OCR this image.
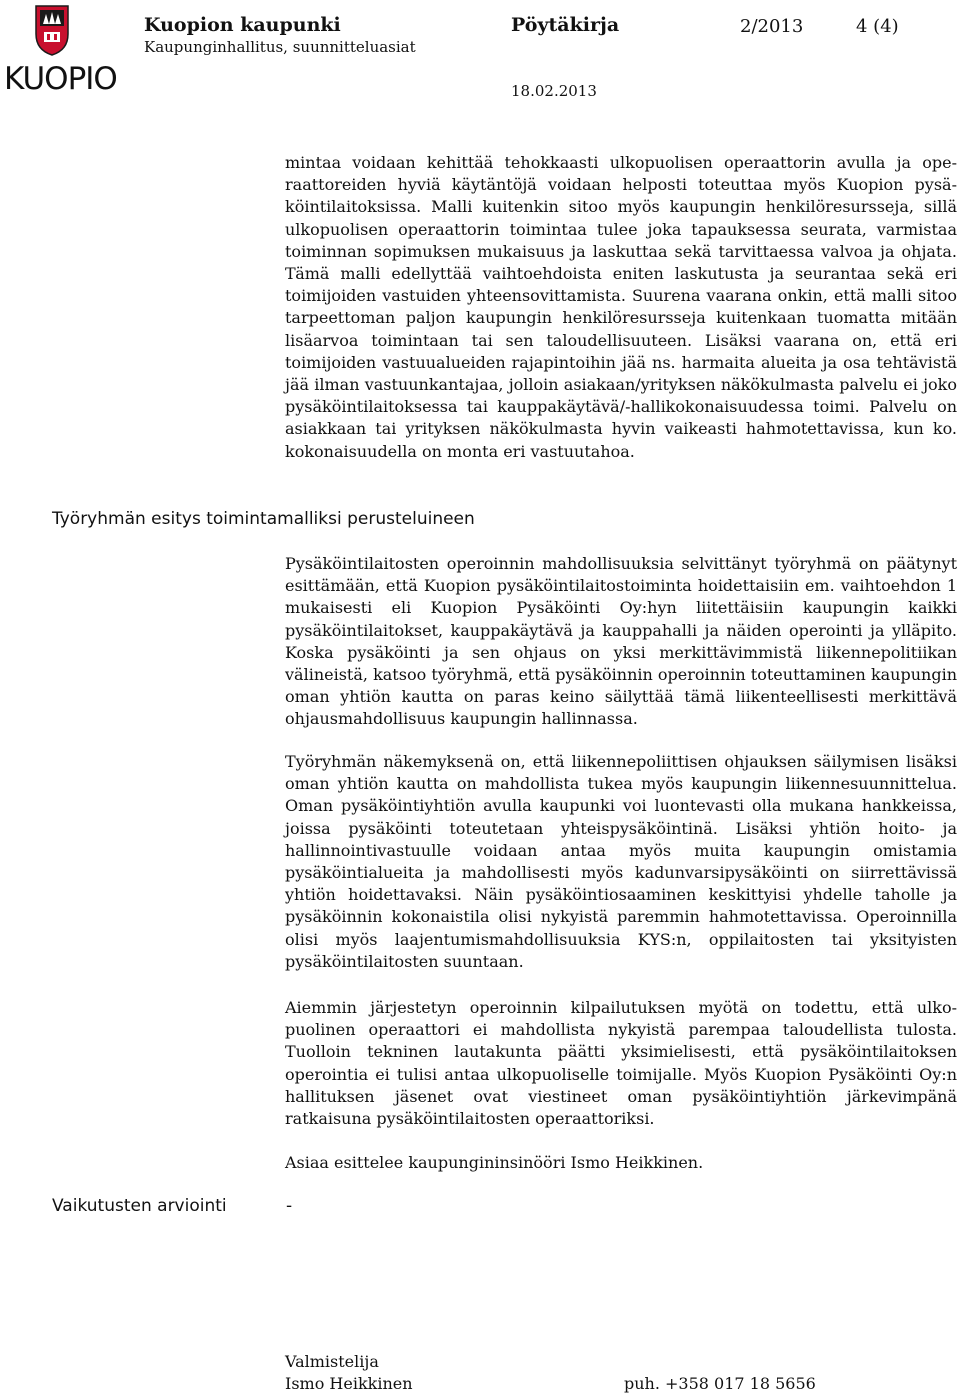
KUOPIO
Kuopion kaupunki
Kaupunginhallitus, suunnitteluasiat
Pöytäkirja	2/2013	4 (4)
18.02.2013

mintaa voidaan kehittää tehokkaasti ulkopuolisen operaattorin avulla ja operaattoreiden hyviä käytäntöjä voidaan helposti toteuttaa myös Kuopion pysäköintilaitoksissa. Malli kuitenkin sitoo myös kaupungin henkilöresursseja, sillä ulkopuolisen operaattorin toimintaa tulee joka tapauksessa seurata, varmistaa toiminnan sopimuksen mukaisuus ja laskuttaa sekä tarvittaessa valvoa ja ohjata. Tämä malli edellyttää vaihtoehdoista eniten laskutusta ja seurantaa sekä eri toimijoiden vastuiden yhteensovittamista. Suurena vaarana onkin, että malli sitoo tarpeettoman paljon kaupungin henkilöresursseja kuitenkaan tuomatta mitään lisäarvoa toimintaan tai sen taloudellisuuteen. Lisäksi vaarana on, että eri toimijoiden vastuualueiden rajapintoihin jää ns. harmaita alueita ja osa tehtävistä jää ilman vastuunkantajaa, jolloin asiakaan/yrityksen näkökulmasta palvelu ei joko pysäköintilaitoksessa tai kauppakäytävä/-hallikokonaisuudessa toimi. Palvelu on asiakkaan tai yrityksen näkökulmasta hyvin vaikeasti hahmotettavissa, kun ko. kokonaisuudella on monta eri vastuutahoa.

Työryhmän esitys toimintamalliksi perusteluineen

Pysäköintilaitosten operoinnin mahdollisuuksia selvittänyt työryhmä on päätynyt esittämään, että Kuopion pysäköintilaitostoiminta hoidettaisiin em. vaihtoehdon 1 mukaisesti eli Kuopion Pysäköinti Oy:hyn liitettäisiin kaupungin kaikki pysäköintilaitokset, kauppakäytävä ja kauppahalli ja näiden operointi ja ylläpito. Koska pysäköinti ja sen ohjaus on yksi merkittävimmistä liikennepolitiikan välineistä, katsoo työryhmä, että pysäköinnin operoinnin toteuttaminen kaupungin oman yhtiön kautta on paras keino säilyttää tämä liikenteellisesti merkittävä ohjausmahdollisuus kaupungin hallinnassa.

Työryhmän näkemyksenä on, että liikennepoliittisen ohjauksen säilymisen lisäksi oman yhtiön kautta on mahdollista tukea myös kaupungin liikennesuunnittelua. Oman pysäköintiyhtiön avulla kaupunki voi luontevasti olla mukana hankkeissa, joissa pysäköinti toteutetaan yhteispysäköintinä. Lisäksi yhtiön hoito- ja hallinnointivastuulle voidaan antaa myös muita kaupungin omistamia pysäköintialueita ja mahdollisesti myös kadunvarsipysäköinti on siirrettävissä yhtiön hoidettavaksi. Näin pysäköintiosaaminen keskittyisi yhdelle taholle ja pysäköinnin kokonaistila olisi nykyistä paremmin hahmotettavissa. Operoinnilla olisi myös laajentumismahdollisuuksia KYS:n, oppilaitosten tai yksityisten pysäköintilaitosten suuntaan.

Aiemmin järjestetyn operoinnin kilpailutuksen myötä on todettu, että ulkopuolinen operaattori ei mahdollista nykyistä parempaa taloudellista tulosta. Tuolloin tekninen lautakunta päätti yksimielisesti, että pysäköintilaitoksen operointia ei tulisi antaa ulkopuoliselle toimijalle. Myös Kuopion Pysäköinti Oy:n hallituksen jäsenet ovat viestineet oman pysäköintiyhtiön järkevimpänä ratkaisuna pysäköintilaitosten operaattoriksi.

Asiaa esittelee kaupungininsinööri Ismo Heikkinen.

Vaikutusten arviointi	-
Valmistelija
Ismo Heikkinen	puh. +358 017 18 5656
